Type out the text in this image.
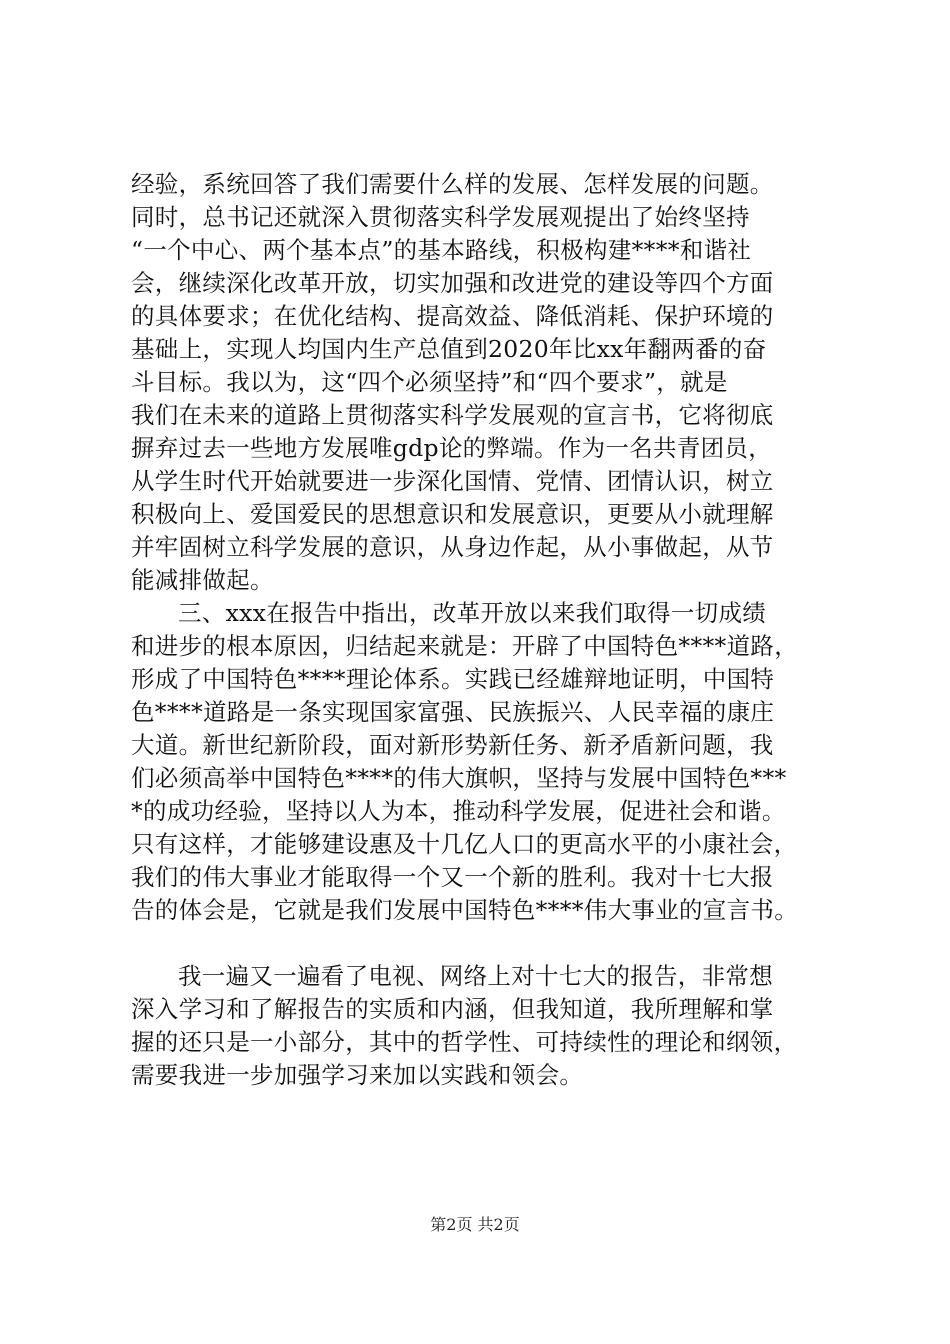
经验，系统回答了我们需要什么样的发展、怎样发展的问题。
同时，总书记还就深入贯彻落实科学发展观提出了始终坚持
“一个中心、两个基本点”的基本路线，积极构建****和谐社
会，继续深化改革开放，切实加强和改进党的建设等四个方面
的具体要求；在优化结构、提高效益、降低消耗、保护环境的
基础上，实现人均国内生产总值到2020年比xx年翻两番的奋
斗目标。我以为，这“四个必须坚持”和“四个要求”，就是
我们在未来的道路上贯彻落实科学发展观的宣言书，它将彻底
摒弃过去一些地方发展唯gdp论的弊端。作为一名共青团员，
从学生时代开始就要进一步深化国情、党情、团情认识，树立
积极向上、爱国爱民的思想意识和发展意识，更要从小就理解
并牢固树立科学发展的意识，从身边作起，从小事做起，从节
能减排做起。
三、xxx在报告中指出，改革开放以来我们取得一切成绩
和进步的根本原因，归结起来就是：开辟了中国特色****道路，
形成了中国特色****理论体系。实践已经雄辩地证明，中国特
色****道路是一条实现国家富强、民族振兴、人民幸福的康庄
大道。新世纪新阶段，面对新形势新任务、新矛盾新问题，我
们必须高举中国特色****的伟大旗帜，坚持与发展中国特色***
*的成功经验，坚持以人为本，推动科学发展，促进社会和谐。
只有这样，才能够建设惠及十几亿人口的更高水平的小康社会，
我们的伟大事业才能取得一个又一个新的胜利。我对十七大报
告的体会是，它就是我们发展中国特色****伟大事业的宣言书。
我一遍又一遍看了电视、网络上对十七大的报告，非常想
深入学习和了解报告的实质和内涵，但我知道，我所理解和掌
握的还只是一小部分，其中的哲学性、可持续性的理论和纲领，
需要我进一步加强学习来加以实践和领会。
第2页 共2页
